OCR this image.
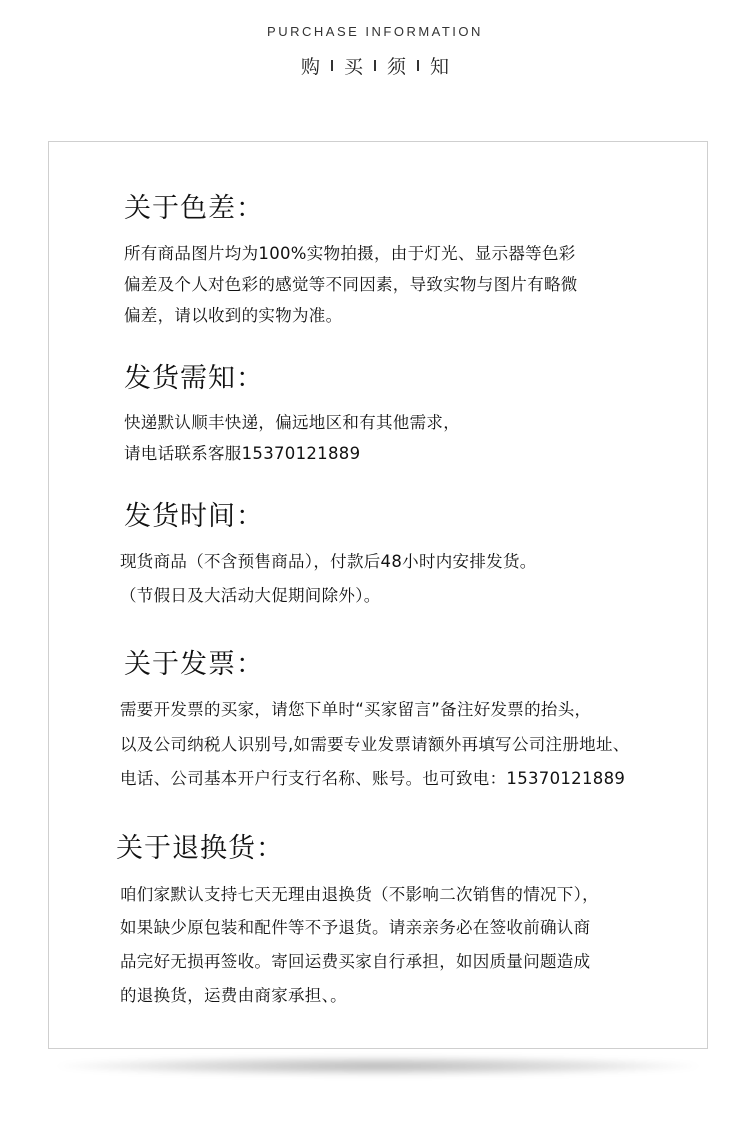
PURCHASE INFORMATION
购 买 须 知
关于色差：
所有商品图片均为100%实物拍摄，由于灯光、显示器等色彩
偏差及个人对色彩的感觉等不同因素，导致实物与图片有略微
偏差，请以收到的实物为准。
发货需知：
快递默认顺丰快递，偏远地区和有其他需求，
请电话联系客服15370121889
发货时间：
现货商品（不含预售商品），付款后48小时内安排发货。
（节假日及大活动大促期间除外）。
关于发票：
需要开发票的买家，请您下单时“买家留言”备注好发票的抬头，
以及公司纳税人识别号,如需要专业发票请额外再填写公司注册地址、
电话、公司基本开户行支行名称、账号。也可致电：15370121889
关于退换货：
咱们家默认支持七天无理由退换货（不影响二次销售的情况下），
如果缺少原包装和配件等不予退货。请亲亲务必在签收前确认商
品完好无损再签收。寄回运费买家自行承担，如因质量问题造成
的退换货，运费由商家承担、。
